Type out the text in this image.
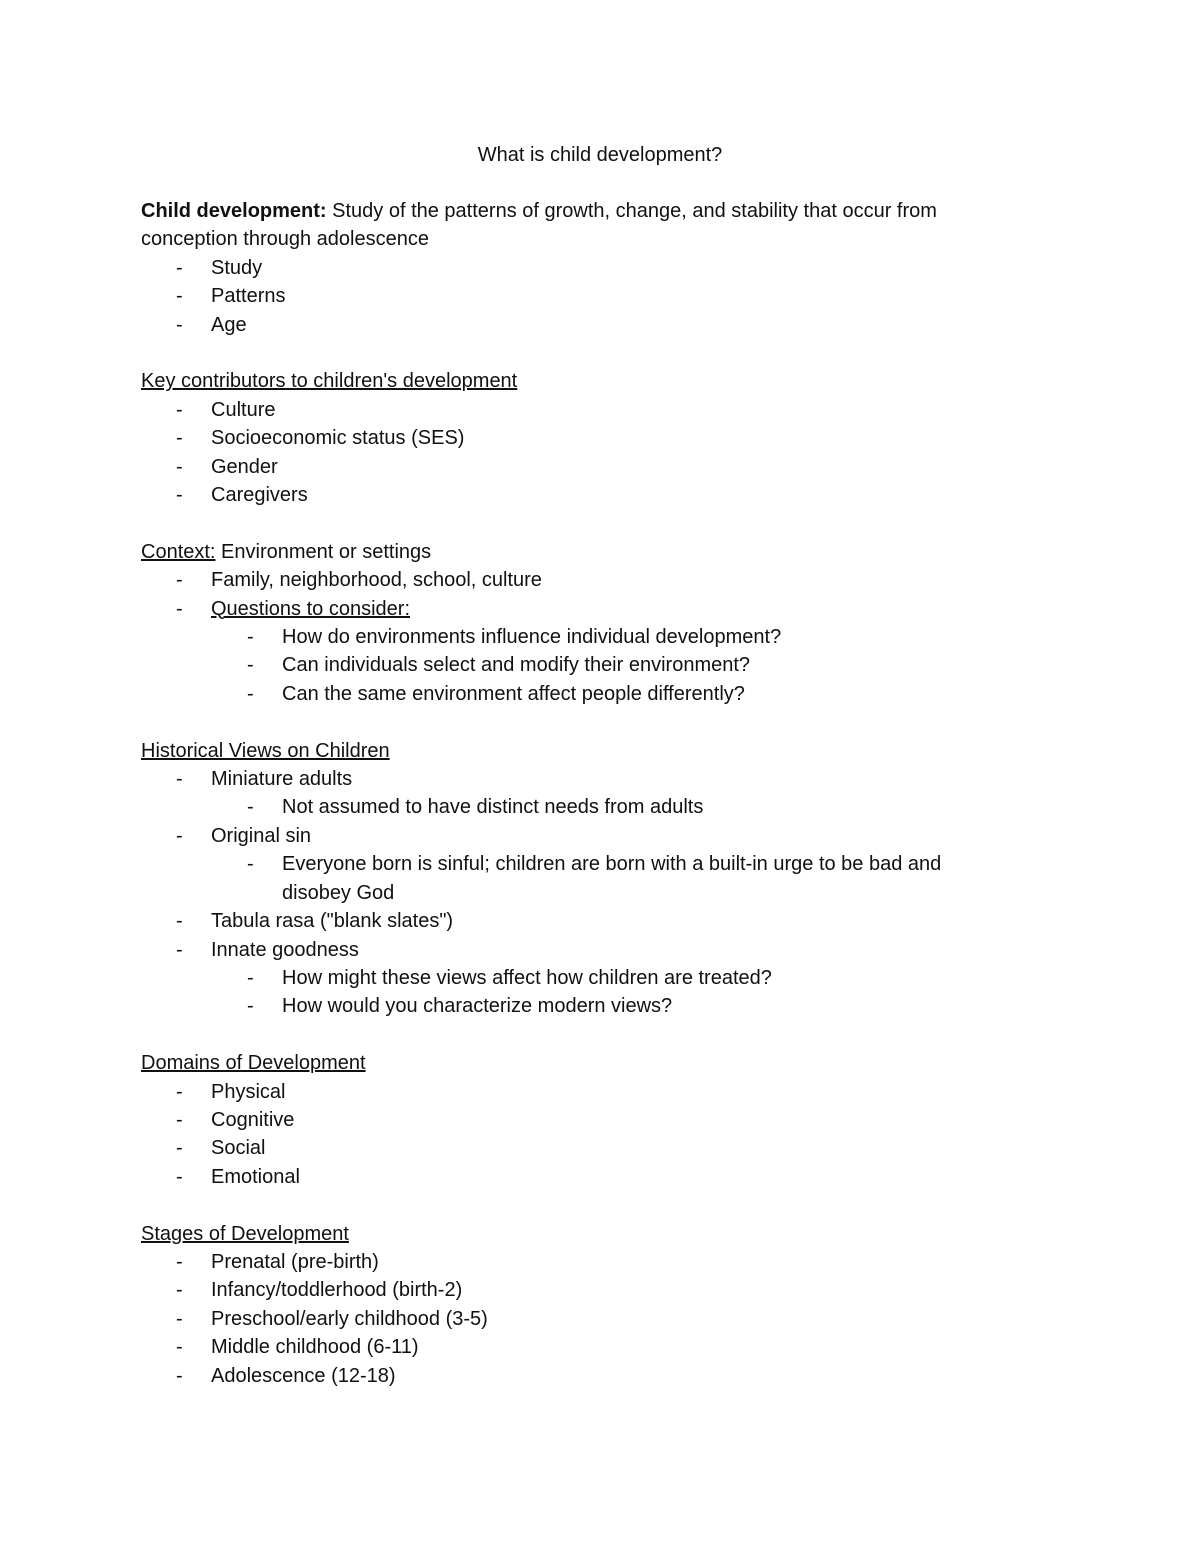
What is child development?

Child development: Study of the patterns of growth, change, and stability that occur from conception through adolescence

- Study
- Patterns
- Age

Key contributors to children's development

- Culture
- Socioeconomic status (SES)
- Gender
- Caregivers

Context: Environment or settings

- Family, neighborhood, school, culture
- Questions to consider:
- How do environments influence individual development?
- Can individuals select and modify their environment?
- Can the same environment affect people differently?

Historical Views on Children

- Miniature adults
- Not assumed to have distinct needs from adults
- Original sin
- Everyone born is sinful; children are born with a built-in urge to be bad and disobey God
- Tabula rasa ("blank slates")
- Innate goodness
- How might these views affect how children are treated?
- How would you characterize modern views?

Domains of Development

- Physical
- Cognitive
- Social
- Emotional

Stages of Development

- Prenatal (pre-birth)
- Infancy/toddlerhood (birth-2)
- Preschool/early childhood (3-5)
- Middle childhood (6-11)
- Adolescence (12-18)
